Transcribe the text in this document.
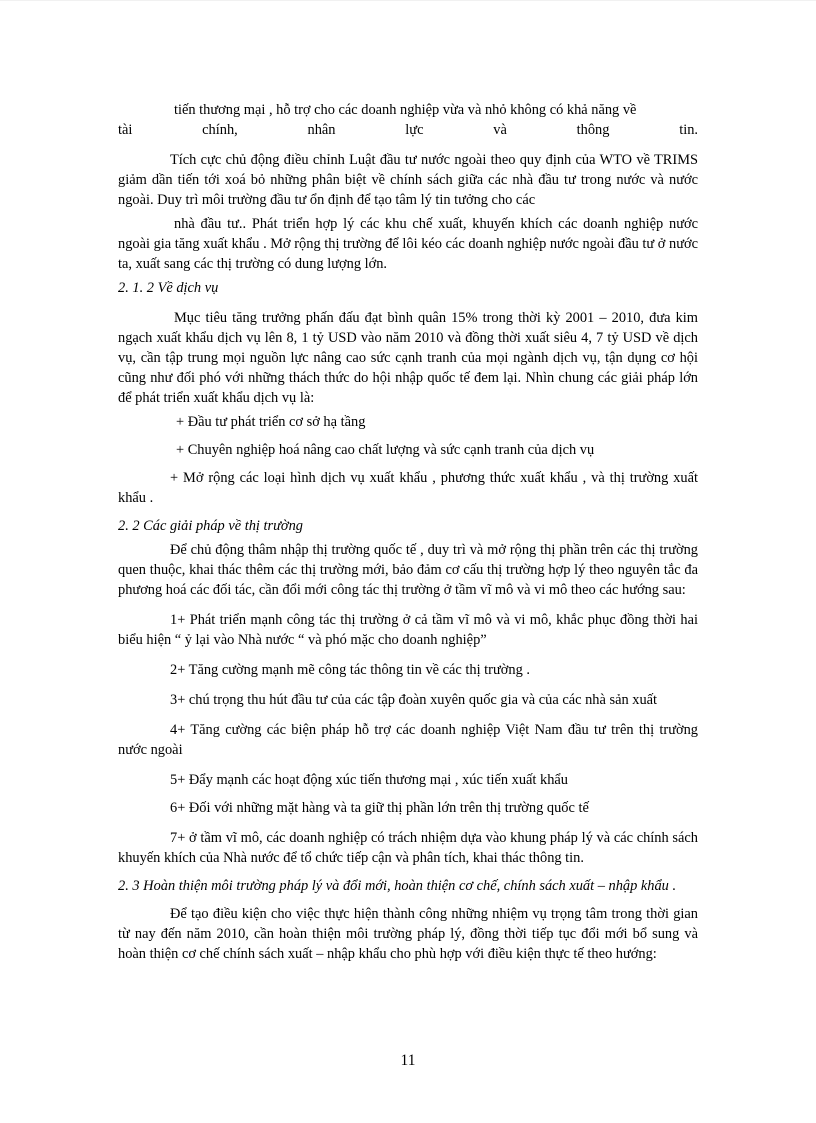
tiến thương mại , hỗ trợ cho các doanh nghiệp vừa và nhỏ không có khả năng về

tài chính, nhân lực và thông tin.

Tích cực chủ động điều chỉnh Luật đầu tư nước ngoài theo quy định của WTO về TRIMS giảm dần tiến tới xoá bỏ những phân biệt về chính sách giữa các nhà đầu tư trong nước và nước ngoài. Duy trì môi trường đầu tư ổn định để tạo tâm lý tin tưởng cho các

nhà đầu tư.. Phát triển hợp lý các khu chế xuất, khuyến khích các doanh nghiệp nước ngoài gia tăng xuất khẩu . Mở rộng thị trường để lôi kéo các doanh nghiệp nước ngoài đầu tư ở nước ta, xuất sang các thị trường có dung lượng lớn.

2. 1. 2 Về dịch vụ

Mục tiêu tăng trưởng phấn đấu đạt bình quân 15% trong thời kỳ 2001 – 2010, đưa kim ngạch xuất khẩu dịch vụ lên 8, 1 tỷ USD vào năm 2010 và đồng thời xuất siêu 4, 7 tỷ USD về dịch vụ, cần tập trung mọi nguồn lực nâng cao sức cạnh tranh của mọi ngành dịch vụ, tận dụng cơ hội cũng như đối phó với những thách thức do hội nhập quốc tế đem lại. Nhìn chung các giải pháp lớn để phát triển xuất khẩu dịch vụ là:

+ Đầu tư phát triển cơ sở hạ tầng

+ Chuyên nghiệp hoá nâng cao chất lượng và sức cạnh tranh của dịch vụ

+ Mở rộng các loại hình dịch vụ xuất khẩu , phương thức xuất khẩu , và thị trường xuất khẩu .

2. 2 Các giải pháp về thị trường

Để chủ động thâm nhập thị trường quốc tế , duy trì và mở rộng thị phần trên các thị trường quen thuộc, khai thác thêm các thị trường mới, bảo đảm cơ cấu thị trường hợp lý theo nguyên tắc đa phương hoá các đối tác, cần đổi mới công tác thị trường ở tầm vĩ mô và vi mô theo các hướng sau:

1+ Phát triển mạnh công tác thị trường ở cả tầm vĩ mô và vi mô, khắc phục đồng thời hai biểu hiện “ ỷ lại vào Nhà nước “ và phó mặc cho doanh nghiệp”

2+ Tăng cường mạnh mẽ công tác thông tin về các thị trường .

3+ chú trọng thu hút đầu tư của các tập đoàn xuyên quốc gia và của các nhà sản xuất

4+ Tăng cường các biện pháp hỗ trợ các doanh nghiệp Việt Nam đầu tư trên thị trường nước ngoài

5+ Đẩy mạnh các hoạt động xúc tiến thương mại , xúc tiến xuất khẩu

6+ Đối với những mặt hàng và ta giữ thị phần lớn trên thị trường quốc tế

7+ ở tầm vĩ mô, các doanh nghiệp có trách nhiệm dựa vào khung pháp lý và các chính sách khuyến khích của Nhà nước để tổ chức tiếp cận và phân tích, khai thác thông tin.

2. 3 Hoàn thiện môi trường pháp lý và đổi mới, hoàn thiện cơ chế, chính sách xuất – nhập khẩu .

Để tạo điều kiện cho việc thực hiện thành công những nhiệm vụ trọng tâm trong thời gian từ nay đến năm 2010, cần hoàn thiện môi trường pháp lý, đồng thời tiếp tục đổi mới bổ sung và hoàn thiện cơ chế chính sách xuất – nhập khẩu cho phù hợp với điều kiện thực tế theo hướng:

11
